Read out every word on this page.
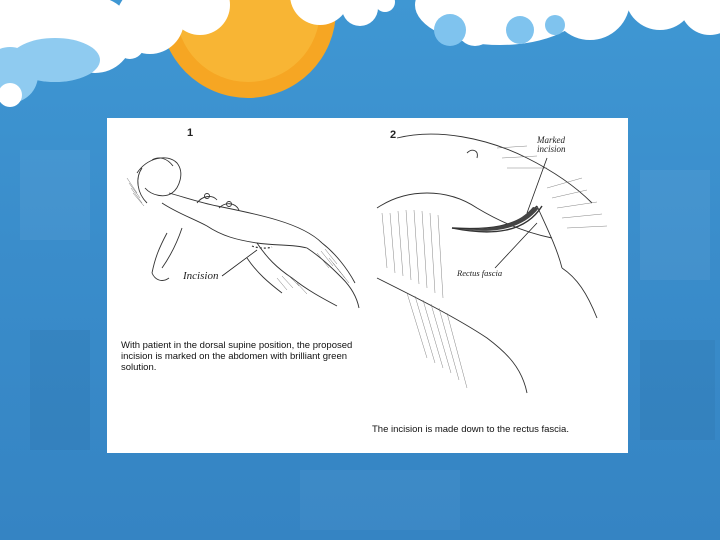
1	2
Incision
Marked
incision
Rectus fascia
With patient in the dorsal supine position, the proposed incision is marked on the abdomen with brilliant green solution.
The incision is made down to the rectus fascia.
